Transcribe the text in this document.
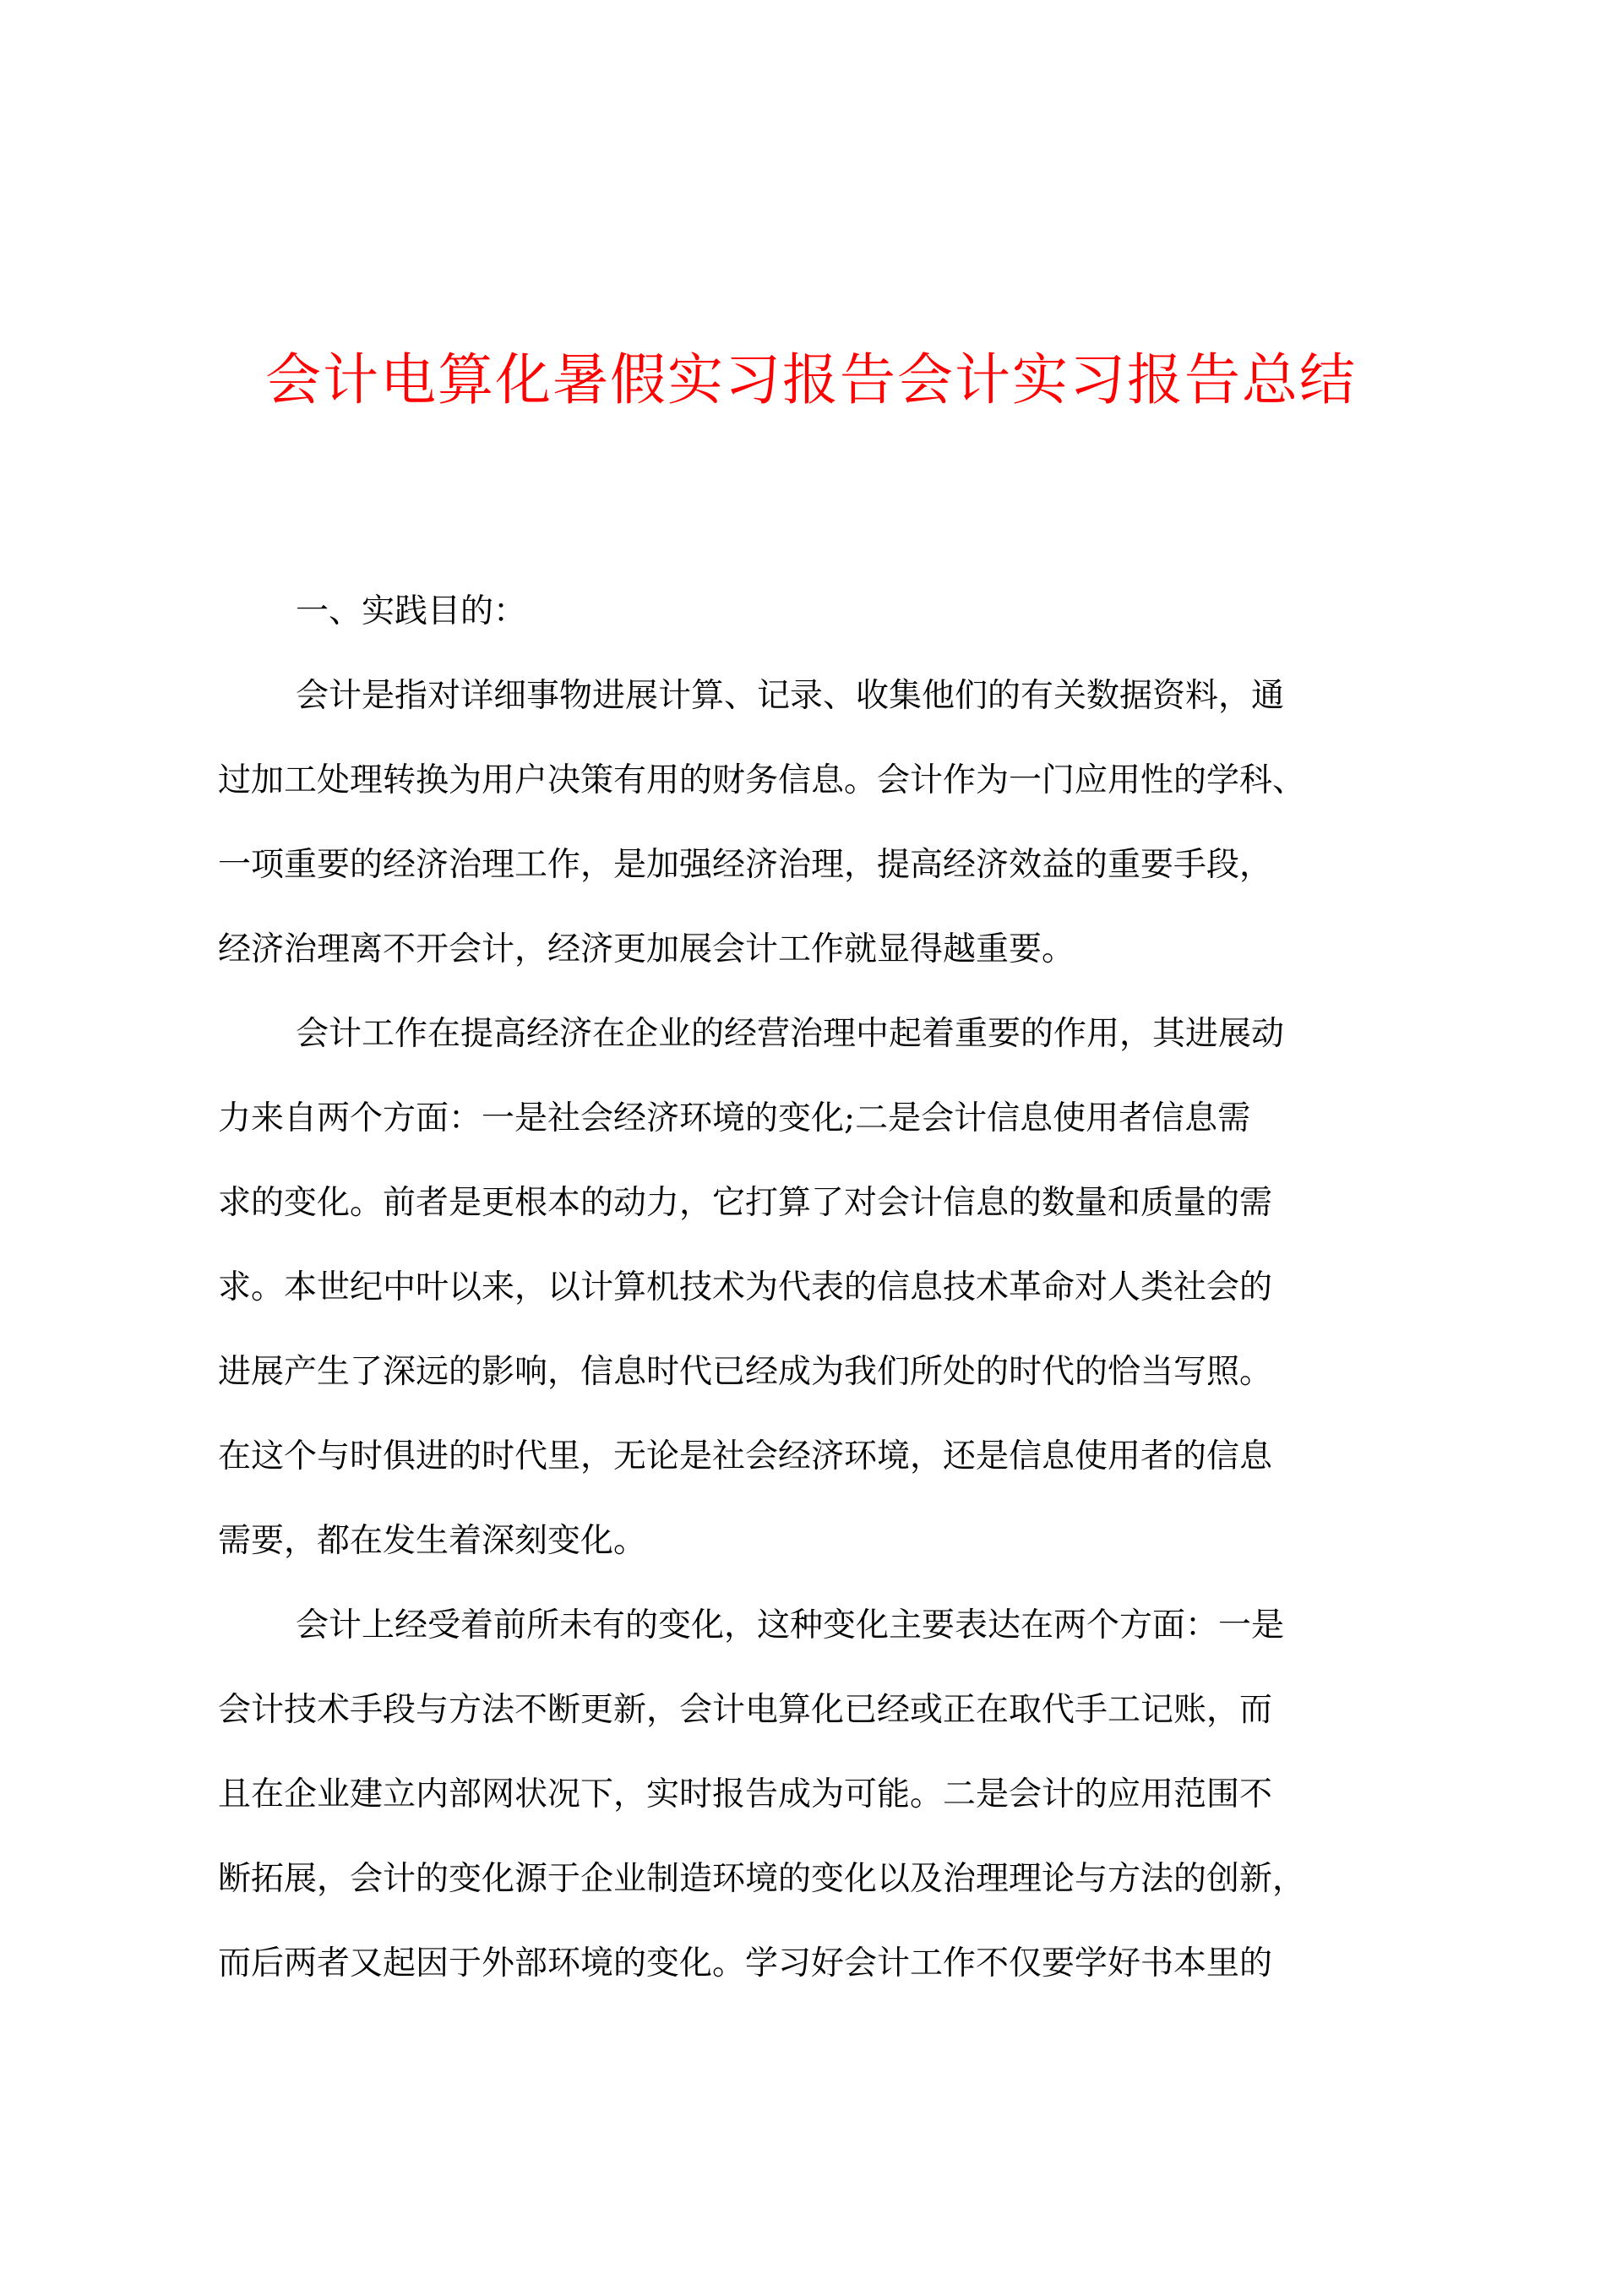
会计电算化暑假实习报告会计实习报告总结
一、实践目的：
会计是指对详细事物进展计算、记录、收集他们的有关数据资料，通
过加工处理转换为用户决策有用的财务信息。会计作为一门应用性的学科、
一项重要的经济治理工作，是加强经济治理，提高经济效益的重要手段，
经济治理离不开会计，经济更加展会计工作就显得越重要。
会计工作在提高经济在企业的经营治理中起着重要的作用，其进展动
力来自两个方面：一是社会经济环境的变化;二是会计信息使用者信息需
求的变化。前者是更根本的动力，它打算了对会计信息的数量和质量的需
求。本世纪中叶以来，以计算机技术为代表的信息技术革命对人类社会的
进展产生了深远的影响，信息时代已经成为我们所处的时代的恰当写照。
在这个与时俱进的时代里，无论是社会经济环境，还是信息使用者的信息
需要，都在发生着深刻变化。
会计上经受着前所未有的变化，这种变化主要表达在两个方面：一是
会计技术手段与方法不断更新，会计电算化已经或正在取代手工记账，而
且在企业建立内部网状况下，实时报告成为可能。二是会计的应用范围不
断拓展，会计的变化源于企业制造环境的变化以及治理理论与方法的创新，
而后两者又起因于外部环境的变化。学习好会计工作不仅要学好书本里的
